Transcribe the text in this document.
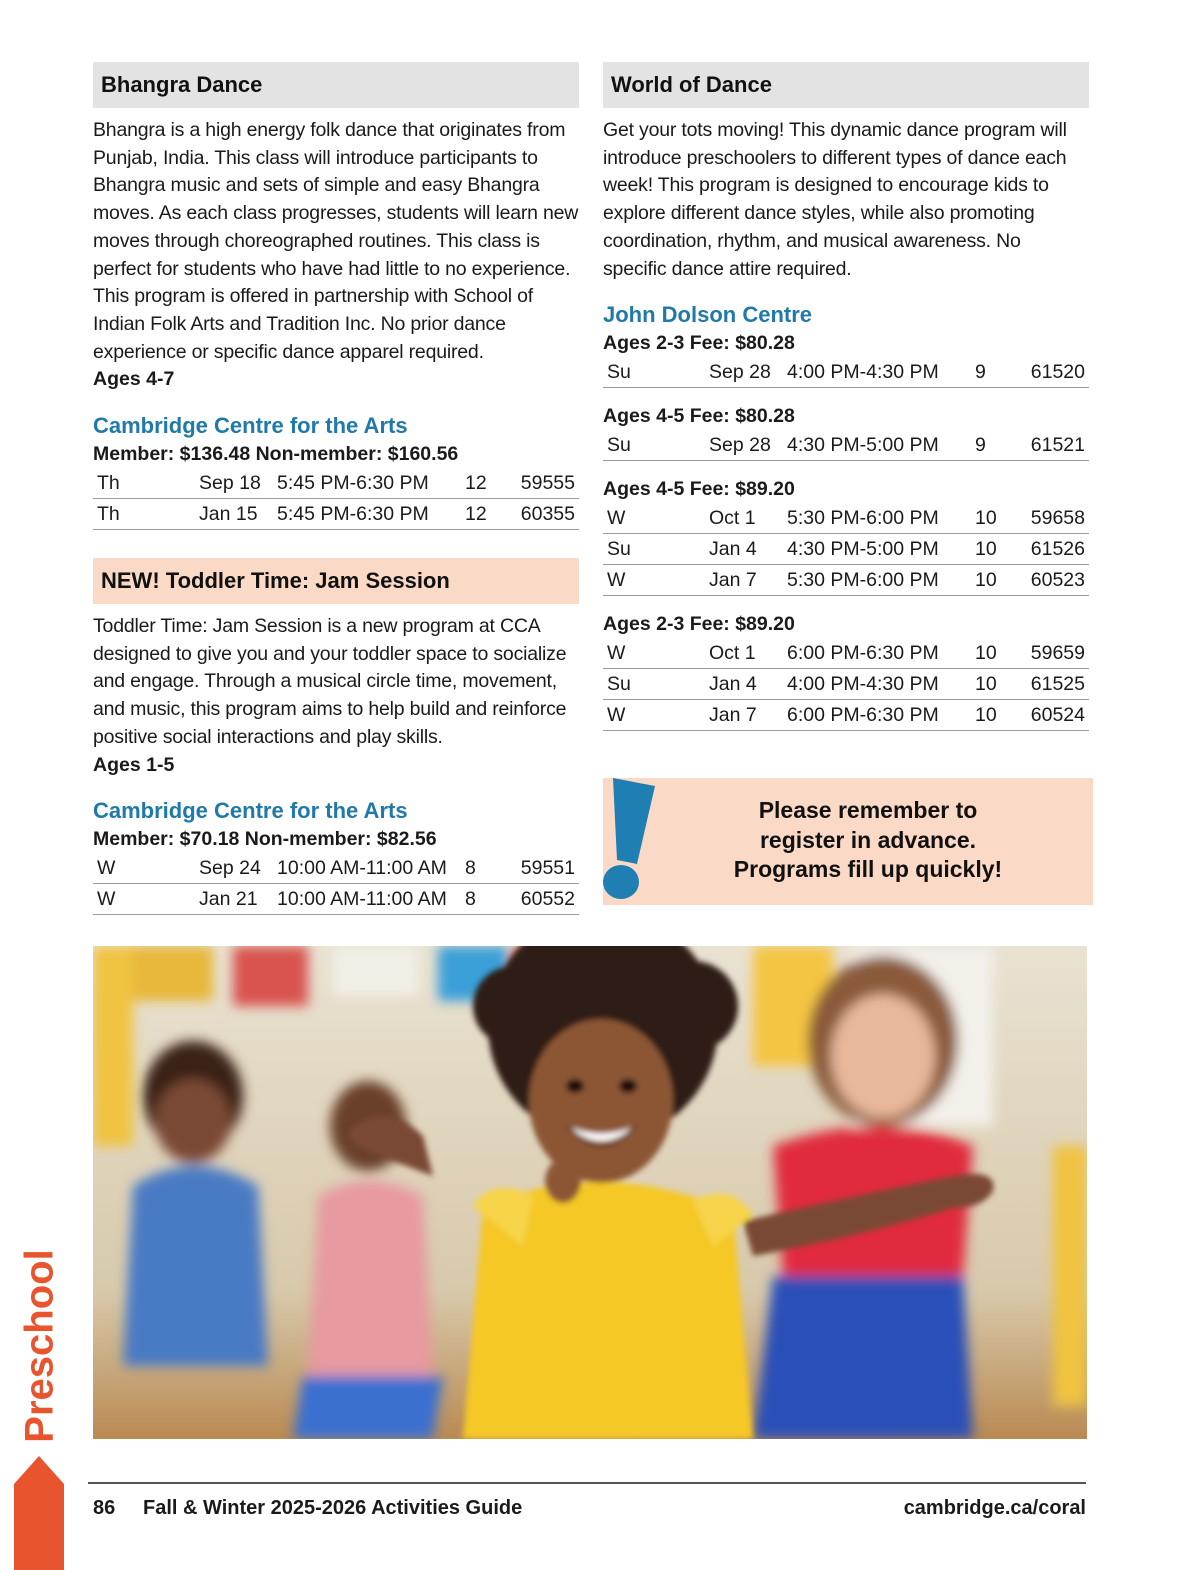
Bhangra Dance
Bhangra is a high energy folk dance that originates from Punjab, India. This class will introduce participants to Bhangra music and sets of simple and easy Bhangra moves. As each class progresses, students will learn new moves through choreographed routines. This class is perfect for students who have had little to no experience. This program is offered in partnership with School of Indian Folk Arts and Tradition Inc. No prior dance experience or specific dance apparel required.
Ages 4-7
Cambridge Centre for the Arts
Member: $136.48 Non-member: $160.56
Th	Sep 18	5:45 PM-6:30 PM	12	59555
Th	Jan 15	5:45 PM-6:30 PM	12	60355
NEW! Toddler Time: Jam Session
Toddler Time: Jam Session is a new program at CCA designed to give you and your toddler space to socialize and engage. Through a musical circle time, movement, and music, this program aims to help build and reinforce positive social interactions and play skills.
Ages 1-5
Cambridge Centre for the Arts
Member: $70.18 Non-member: $82.56
W	Sep 24	10:00 AM-11:00 AM	8	59551
W	Jan 21	10:00 AM-11:00 AM	8	60552
World of Dance
Get your tots moving! This dynamic dance program will introduce preschoolers to different types of dance each week! This program is designed to encourage kids to explore different dance styles, while also promoting coordination, rhythm, and musical awareness. No specific dance attire required.
John Dolson Centre
Ages 2-3 Fee: $80.28
Su	Sep 28	4:00 PM-4:30 PM	9	61520
Ages 4-5 Fee: $80.28
Su	Sep 28	4:30 PM-5:00 PM	9	61521
Ages 4-5 Fee: $89.20
W	Oct 1	5:30 PM-6:00 PM	10	59658
Su	Jan 4	4:30 PM-5:00 PM	10	61526
W	Jan 7	5:30 PM-6:00 PM	10	60523
Ages 2-3 Fee: $89.20
W	Oct 1	6:00 PM-6:30 PM	10	59659
Su	Jan 4	4:00 PM-4:30 PM	10	61525
W	Jan 7	6:00 PM-6:30 PM	10	60524
Please remember to
register in advance.
Programs fill up quickly!
Preschool
86 Fall & Winter 2025-2026 Activities Guide	cambridge.ca/coral
